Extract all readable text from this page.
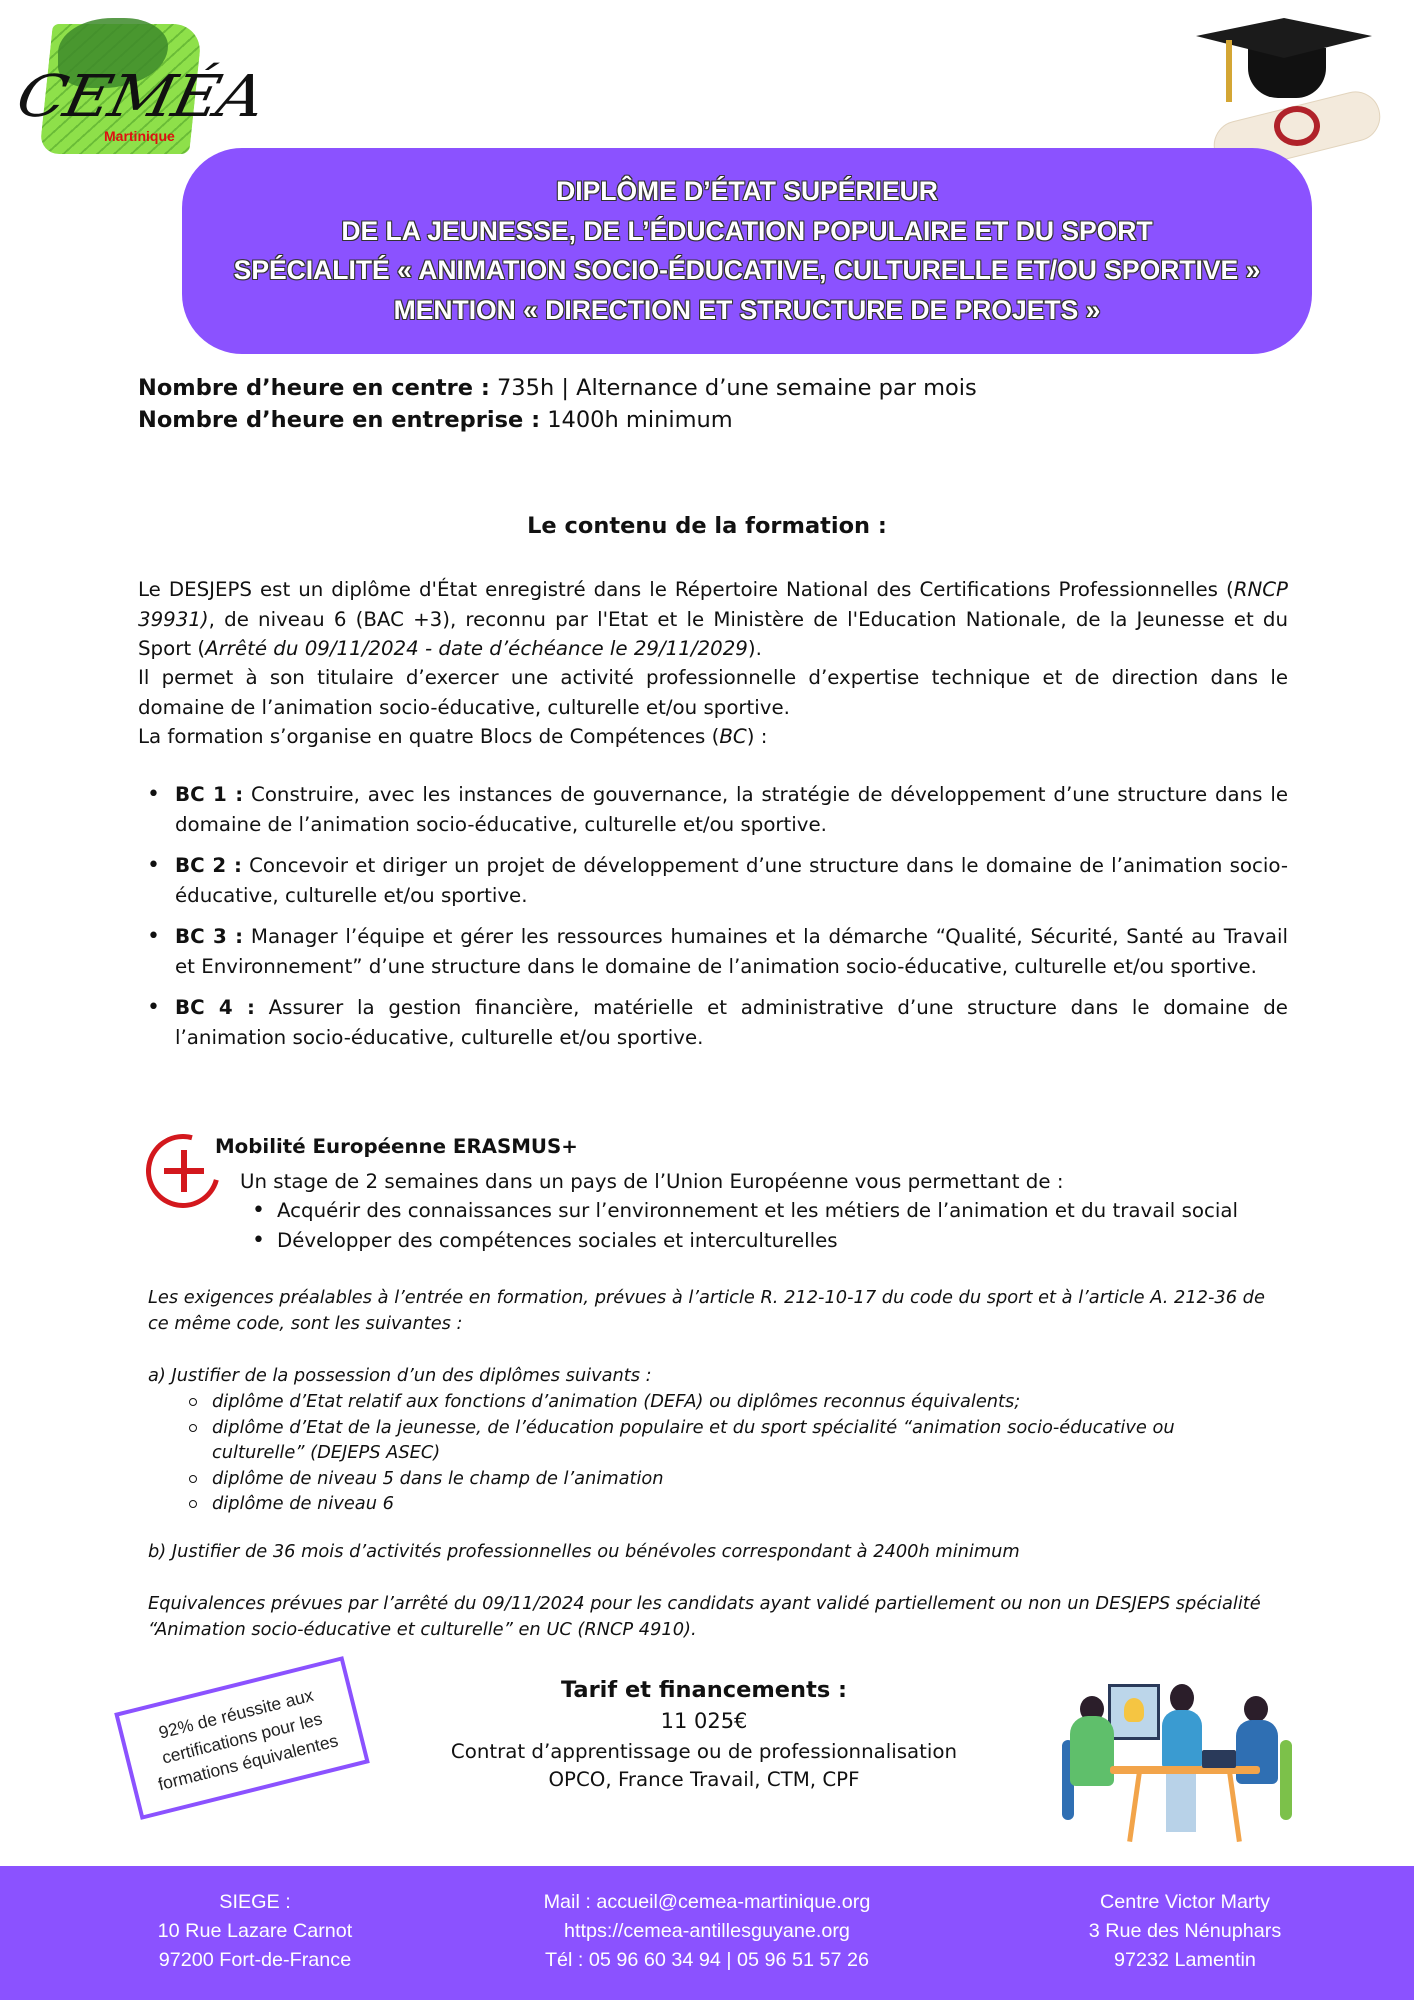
CEMÉA
Martinique
DIPLÔME D’ÉTAT SUPÉRIEUR
DE LA JEUNESSE, DE L’ÉDUCATION POPULAIRE ET DU SPORT
SPÉCIALITÉ « ANIMATION SOCIO-ÉDUCATIVE, CULTURELLE ET/OU SPORTIVE »
MENTION « DIRECTION ET STRUCTURE DE PROJETS »
Nombre d’heure en centre : 735h | Alternance d’une semaine par mois
Nombre d’heure en entreprise : 1400h minimum
Le contenu de la formation :

Le DESJEPS est un diplôme d'État enregistré dans le Répertoire National des Certifications Professionnelles (RNCP 39931), de niveau 6 (BAC +3), reconnu par l'Etat et le Ministère de l'Education Nationale, de la Jeunesse et du Sport (Arrêté du 09/11/2024 - date d’échéance le 29/11/2029).

Il permet à son titulaire d’exercer une activité professionnelle d’expertise technique et de direction dans le domaine de l’animation socio-éducative, culturelle et/ou sportive.

La formation s’organise en quatre Blocs de Compétences (BC) :

• BC 1 : Construire, avec les instances de gouvernance, la stratégie de développement d’une structure dans le domaine de l’animation socio-éducative, culturelle et/ou sportive.
• BC 2 : Concevoir et diriger un projet de développement d’une structure dans le domaine de l’animation socio-éducative, culturelle et/ou sportive.
• BC 3 : Manager l’équipe et gérer les ressources humaines et la démarche “Qualité, Sécurité, Santé au Travail et Environnement” d’une structure dans le domaine de l’animation socio-éducative, culturelle et/ou sportive.
• BC 4 : Assurer la gestion financière, matérielle et administrative d’une structure dans le domaine de l’animation socio-éducative, culturelle et/ou sportive.
Mobilité Européenne ERASMUS+
Un stage de 2 semaines dans un pays de l’Union Européenne vous permettant de :
• Acquérir des connaissances sur l’environnement et les métiers de l’animation et du travail social
• Développer des compétences sociales et interculturelles

Les exigences préalables à l’entrée en formation, prévues à l’article R. 212-10-17 du code du sport et à l’article A. 212-36 de ce même code, sont les suivantes :

a) Justifier de la possession d’un des diplômes suivants :

diplôme d’Etat relatif aux fonctions d’animation (DEFA) ou diplômes reconnus équivalents;
diplôme d’Etat de la jeunesse, de l’éducation populaire et du sport spécialité “animation socio-éducative ou culturelle” (DEJEPS ASEC)
diplôme de niveau 5 dans le champ de l’animation
diplôme de niveau 6

b) Justifier de 36 mois d’activités professionnelles ou bénévoles correspondant à 2400h minimum

Equivalences prévues par l’arrêté du 09/11/2024 pour les candidats ayant validé partiellement ou non un DESJEPS spécialité “Animation socio-éducative et culturelle” en UC (RNCP 4910).

92% de réussite aux certifications pour les formations équivalentes
Tarif et financements :
11 025€
Contrat d’apprentissage ou de professionnalisation
OPCO, France Travail, CTM, CPF
SIEGE :
10 Rue Lazare Carnot
97200 Fort-de-France
Mail : accueil@cemea-martinique.org
https://cemea-antillesguyane.org
Tél : 05 96 60 34 94 | 05 96 51 57 26
Centre Victor Marty
3 Rue des Nénuphars
97232 Lamentin
